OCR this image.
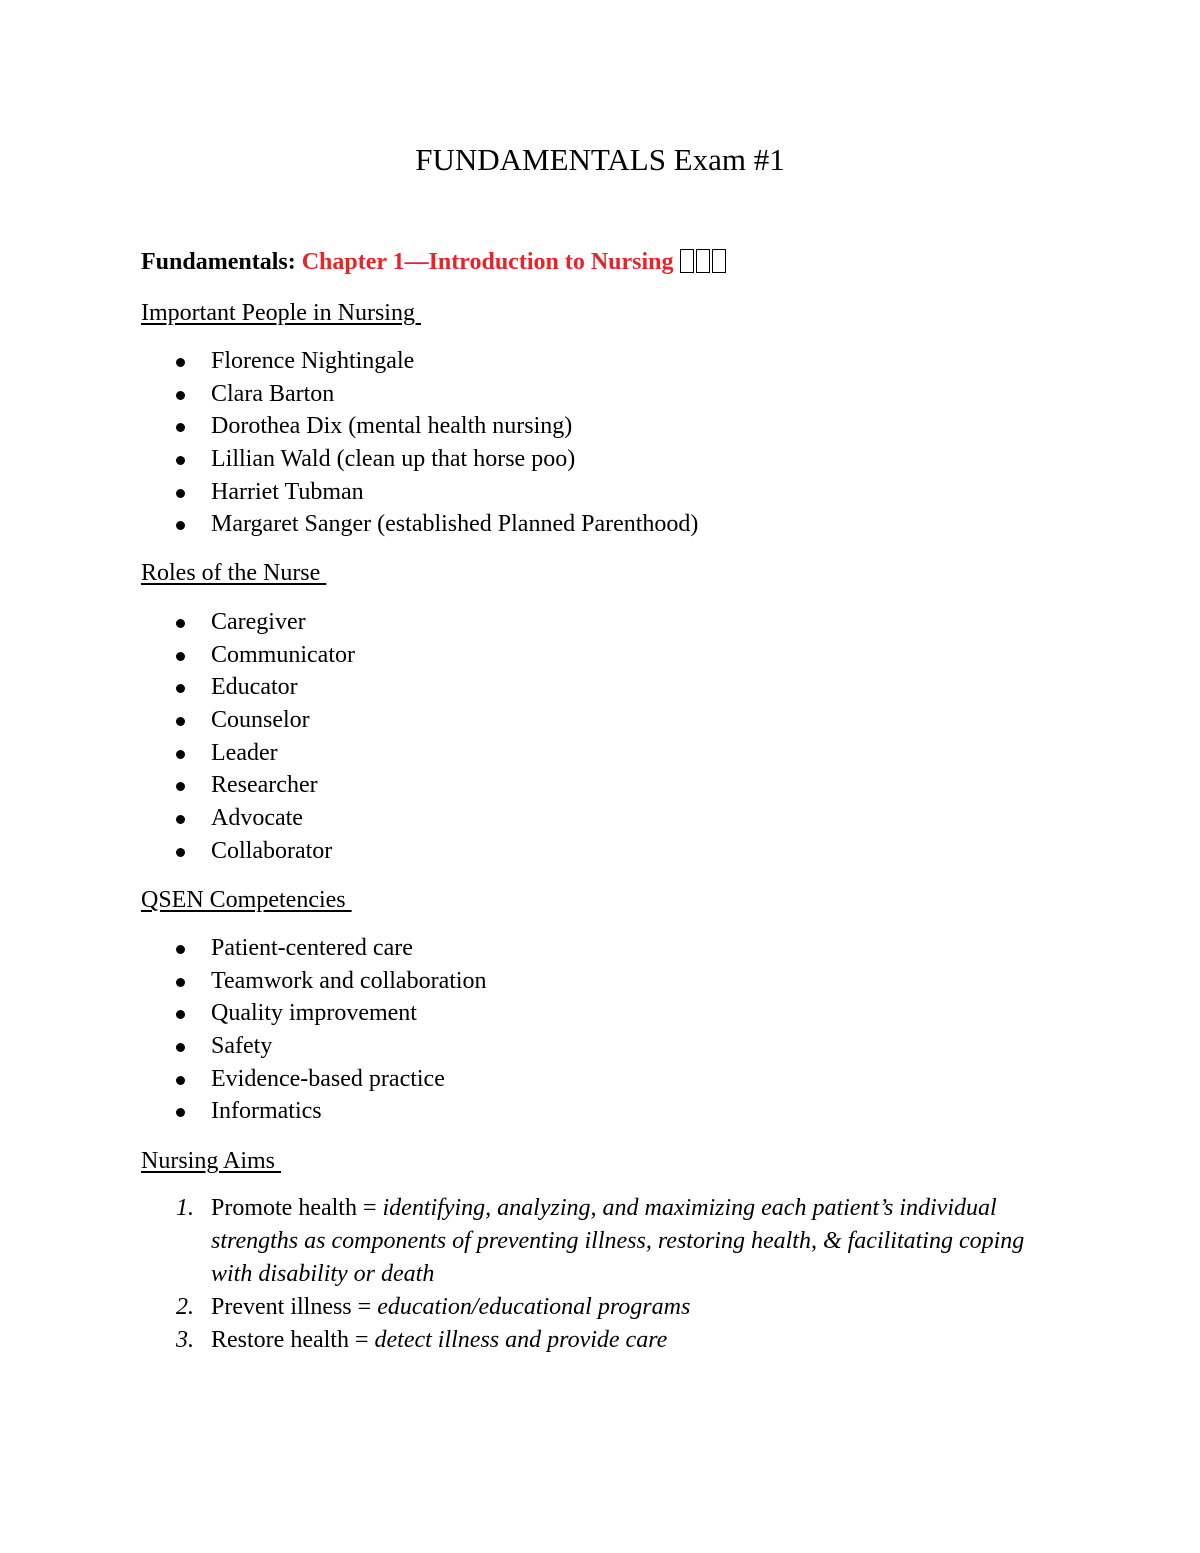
FUNDAMENTALS Exam #1

Fundamentals: Chapter 1—Introduction to Nursing

Important People in Nursing

Florence Nightingale
Clara Barton
Dorothea Dix (mental health nursing)
Lillian Wald (clean up that horse poo)
Harriet Tubman
Margaret Sanger (established Planned Parenthood)

Roles of the Nurse

Caregiver
Communicator
Educator
Counselor
Leader
Researcher
Advocate
Collaborator

QSEN Competencies

Patient-centered care
Teamwork and collaboration
Quality improvement
Safety
Evidence-based practice
Informatics

Nursing Aims

1. Promote health = identifying, analyzing, and maximizing each patient’s individual strengths as components of preventing illness, restoring health, & facilitating coping with disability or death
2. Prevent illness = education/educational programs
3. Restore health = detect illness and provide care
